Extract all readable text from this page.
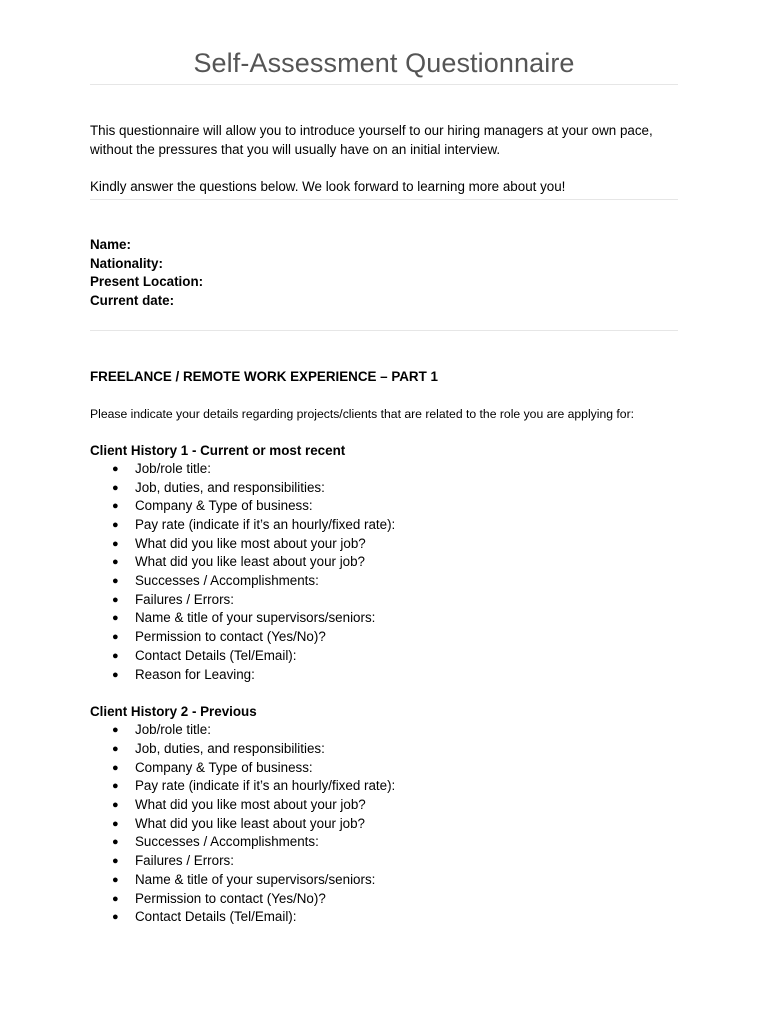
Self-Assessment Questionnaire

This questionnaire will allow you to introduce yourself to our hiring managers at your own pace, without the pressures that you will usually have on an initial interview.

Kindly answer the questions below. We look forward to learning more about you!

Name:
Nationality:
Present Location:
Current date:
FREELANCE / REMOTE WORK EXPERIENCE – PART 1
Please indicate your details regarding projects/clients that are related to the role you are applying for:
Client History 1 - Current or most recent
● Job/role title:
● Job, duties, and responsibilities:
● Company & Type of business:
● Pay rate (indicate if it’s an hourly/fixed rate):
● What did you like most about your job?
● What did you like least about your job?
● Successes / Accomplishments:
● Failures / Errors:
● Name & title of your supervisors/seniors:
● Permission to contact (Yes/No)?
● Contact Details (Tel/Email):
● Reason for Leaving:
Client History 2 - Previous
● Job/role title:
● Job, duties, and responsibilities:
● Company & Type of business:
● Pay rate (indicate if it’s an hourly/fixed rate):
● What did you like most about your job?
● What did you like least about your job?
● Successes / Accomplishments:
● Failures / Errors:
● Name & title of your supervisors/seniors:
● Permission to contact (Yes/No)?
● Contact Details (Tel/Email):
